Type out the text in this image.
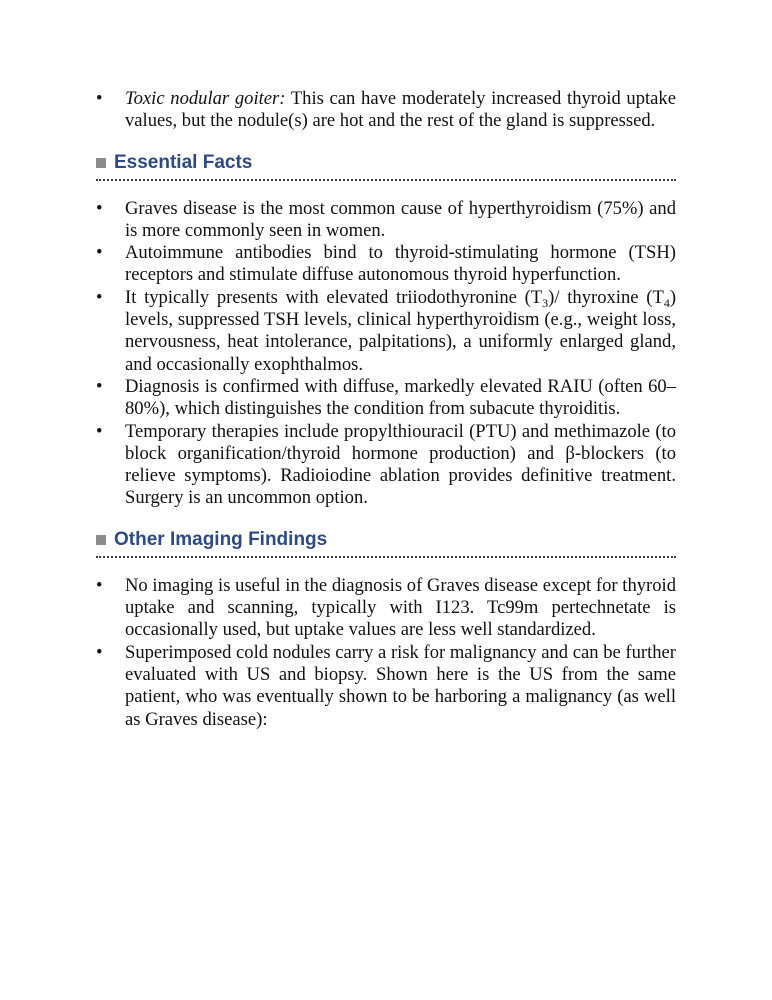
• Toxic nodular goiter: This can have moderately increased thyroid uptake values, but the nodule(s) are hot and the rest of the gland is suppressed.
Essential Facts
• Graves disease is the most common cause of hyperthyroidism (75%) and is more commonly seen in women.
• Autoimmune antibodies bind to thyroid-stimulating hormone (TSH) receptors and stimulate diffuse autonomous thyroid hyperfunction.
• It typically presents with elevated triiodothyronine $(T_3)/$ thyroxine $(T_4)$ levels, suppressed TSH levels, clinical hyperthyroidism (e.g., weight loss, nervousness, heat intolerance, palpitations), a uniformly enlarged gland, and occasionally exophthalmos.
• Diagnosis is confirmed with diffuse, markedly elevated RAIU (often 60–80%), which distinguishes the condition from subacute thyroiditis.
• Temporary therapies include propylthiouracil (PTU) and methimazole (to block organification/thyroid hormone production) and β-blockers (to relieve symptoms). Radioiodine ablation provides definitive treatment. Surgery is an uncommon option.
Other Imaging Findings
• No imaging is useful in the diagnosis of Graves disease except for thyroid uptake and scanning, typically with I123. Tc99m pertechnetate is occasionally used, but uptake values are less well standardized.
• Superimposed cold nodules carry a risk for malignancy and can be further evaluated with US and biopsy. Shown here is the US from the same patient, who was eventually shown to be harboring a malignancy (as well as Graves disease):
